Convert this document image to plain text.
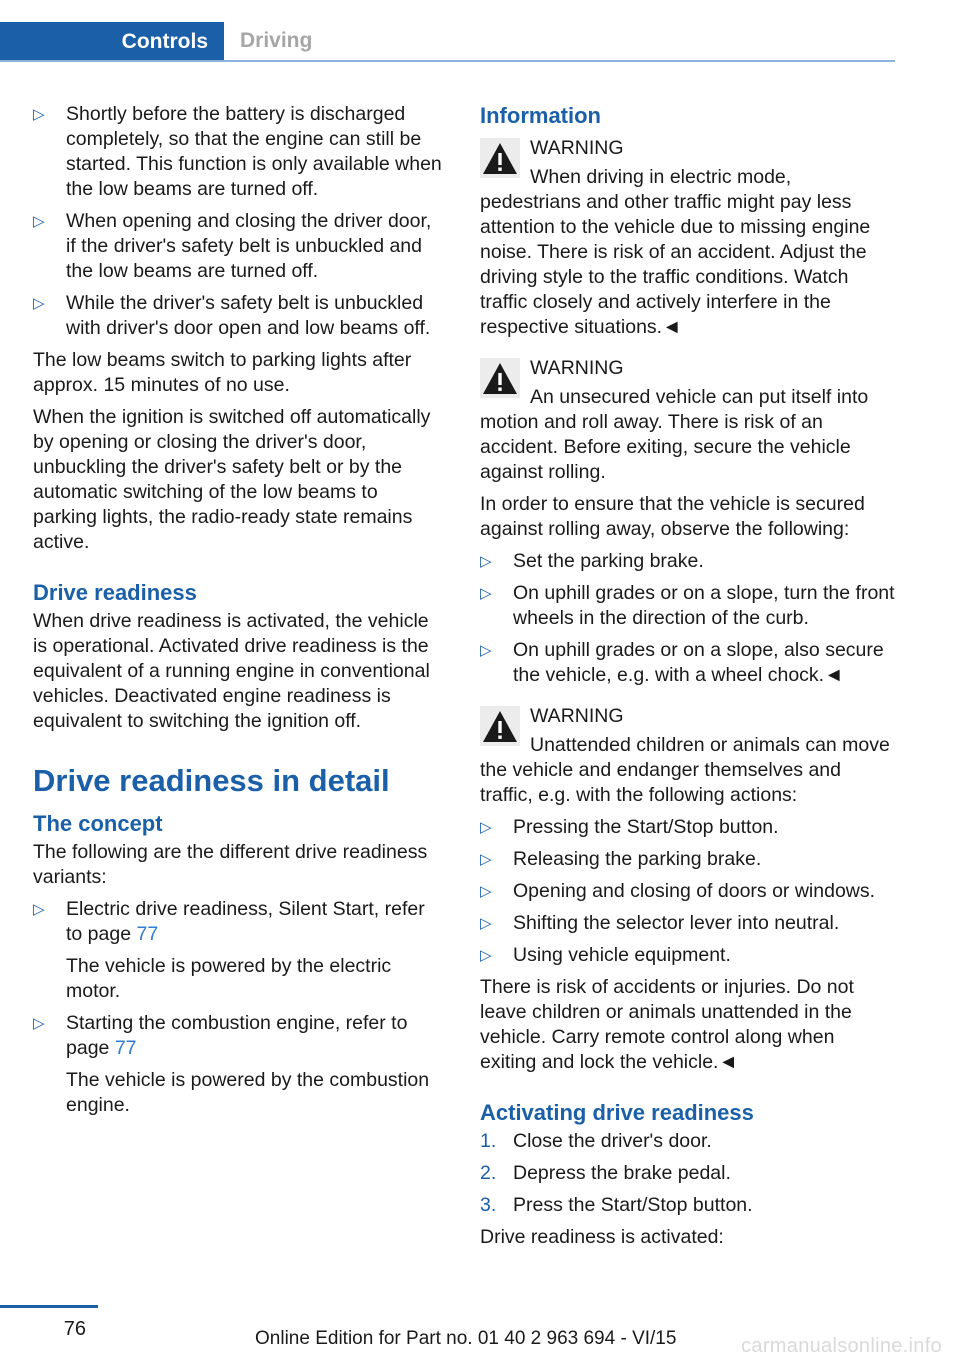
Controls	Driving
▷ Shortly before the battery is discharged completely, so that the engine can still be started. This function is only available when the low beams are turned off.
▷ When opening and closing the driver door, if the driver's safety belt is unbuckled and the low beams are turned off.
▷ While the driver's safety belt is unbuckled with driver's door open and low beams off.

The low beams switch to parking lights after approx. 15 minutes of no use.

When the ignition is switched off automatically by opening or closing the driver's door, unbuckling the driver's safety belt or by the automatic switching of the low beams to parking lights, the radio-ready state remains active.

Drive readiness

When drive readiness is activated, the vehicle is operational. Activated drive readiness is the equivalent of a running engine in conventional vehicles. Deactivated engine readiness is equivalent to switching the ignition off.

Drive readiness in detail
The concept

The following are the different drive readiness variants:

▷ Electric drive readiness, Silent Start, refer to page 77
The vehicle is powered by the electric motor.
▷ Starting the combustion engine, refer to page 77
The vehicle is powered by the combustion engine.
Information
WARNING
When driving in electric mode, pedestrians and other traffic might pay less attention to the vehicle due to missing engine noise. There is risk of an accident. Adjust the driving style to the traffic conditions. Watch traffic closely and actively interfere in the respective situations.◄
WARNING
An unsecured vehicle can put itself into motion and roll away. There is risk of an accident. Before exiting, secure the vehicle against rolling.

In order to ensure that the vehicle is secured against rolling away, observe the following:

▷ Set the parking brake.
▷ On uphill grades or on a slope, turn the front wheels in the direction of the curb.
▷ On uphill grades or on a slope, also secure the vehicle, e.g. with a wheel chock.◄
WARNING
Unattended children or animals can move the vehicle and endanger themselves and traffic, e.g. with the following actions:
▷ Pressing the Start/Stop button.
▷ Releasing the parking brake.
▷ Opening and closing of doors or windows.
▷ Shifting the selector lever into neutral.
▷ Using vehicle equipment.

There is risk of accidents or injuries. Do not leave children or animals unattended in the vehicle. Carry remote control along when exiting and lock the vehicle.◄

Activating drive readiness
1. Close the driver's door.
2. Depress the brake pedal.
3. Press the Start/Stop button.

Drive readiness is activated:

76	Online Edition for Part no. 01 40 2 963 694 - VI/15	carmanualsonline.info
